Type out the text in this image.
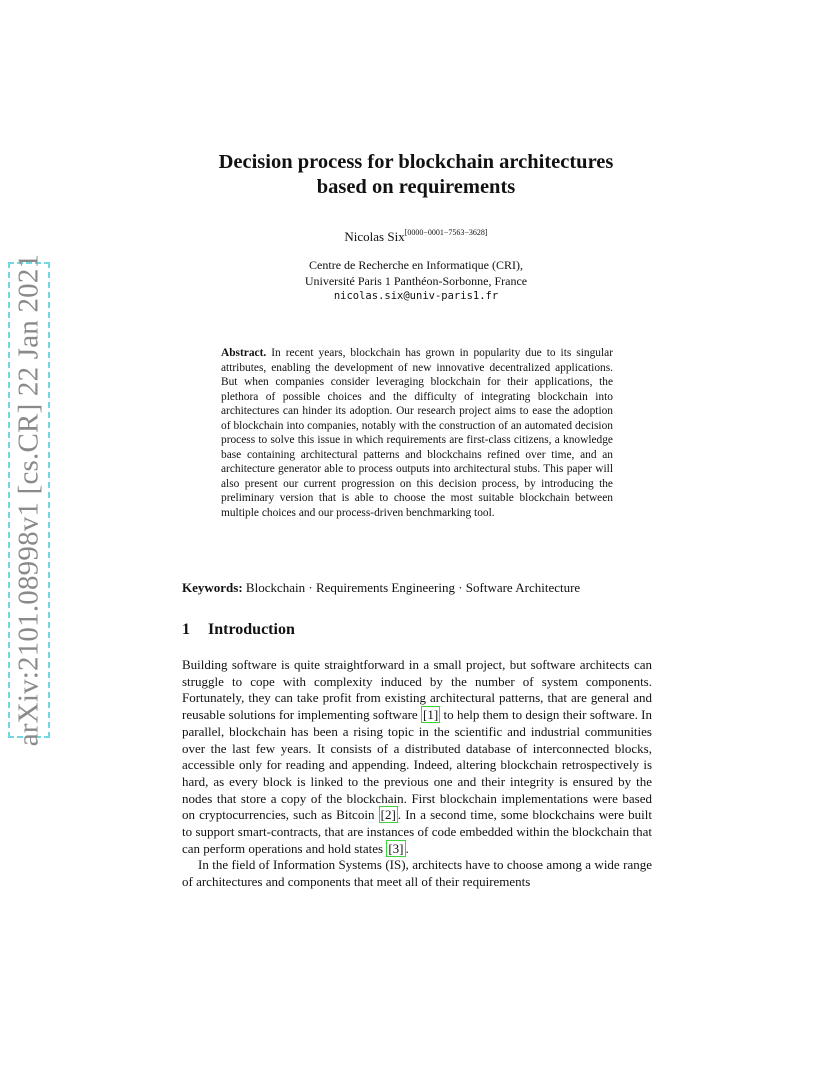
arXiv:2101.08998v1 [cs.CR] 22 Jan 2021
Decision process for blockchain architectures
based on requirements
Nicolas Six[0000−0001−7563−3628]
Centre de Recherche en Informatique (CRI),
Université Paris 1 Panthéon-Sorbonne, France
nicolas.six@univ-paris1.fr
Abstract. In recent years, blockchain has grown in popularity due to its singular attributes, enabling the development of new innovative decentralized applications. But when companies consider leveraging blockchain for their applications, the plethora of possible choices and the difficulty of integrating blockchain into architectures can hinder its adoption. Our research project aims to ease the adoption of blockchain into companies, notably with the construction of an automated decision process to solve this issue in which requirements are first-class citizens, a knowledge base containing architectural patterns and blockchains refined over time, and an architecture generator able to process outputs into architectural stubs. This paper will also present our current progression on this decision process, by introducing the preliminary version that is able to choose the most suitable blockchain between multiple choices and our process-driven benchmarking tool.
Keywords: Blockchain · Requirements Engineering · Software Architecture
1 Introduction

Building software is quite straightforward in a small project, but software architects can struggle to cope with complexity induced by the number of system components. Fortunately, they can take profit from existing architectural patterns, that are general and reusable solutions for implementing software [1] to help them to design their software. In parallel, blockchain has been a rising topic in the scientific and industrial communities over the last few years. It consists of a distributed database of interconnected blocks, accessible only for reading and appending. Indeed, altering blockchain retrospectively is hard, as every block is linked to the previous one and their integrity is ensured by the nodes that store a copy of the blockchain. First blockchain implementations were based on cryptocurrencies, such as Bitcoin [2] . In a second time, some blockchains were built to support smart-contracts, that are instances of code embedded within the blockchain that can perform operations and hold states [3] .

In the field of Information Systems (IS), architects have to choose among a wide range of architectures and components that meet all of their requirements
